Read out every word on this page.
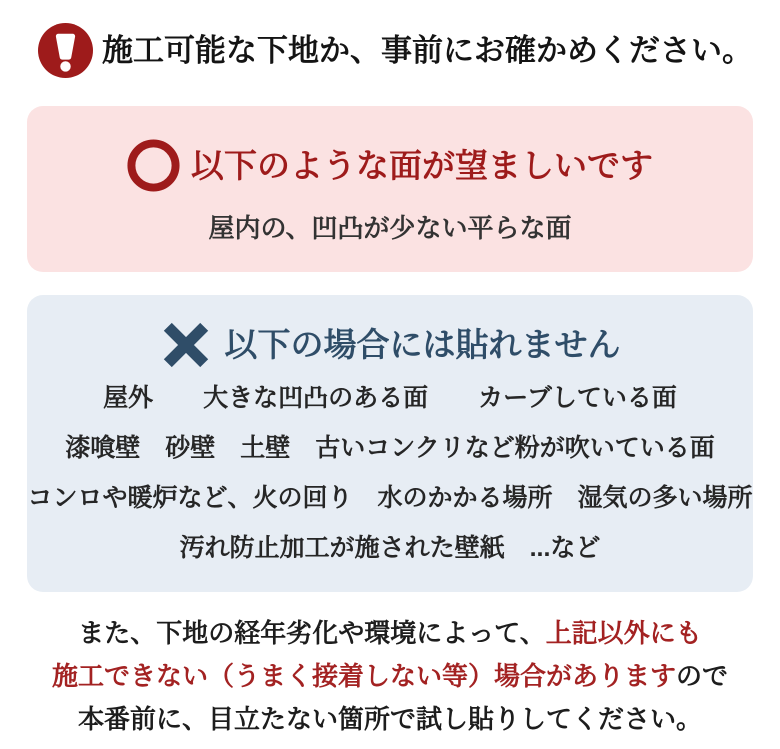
施工可能な下地か、事前にお確かめください。
以下のような面が望ましいです

屋内の、凹凸が少ない平らな面

以下の場合には貼れません
屋外　　大きな凹凸のある面　　カーブしている面
漆喰壁　砂壁　土壁　古いコンクリなど粉が吹いている面
コンロや暖炉など、火の回り　水のかかる場所　湿気の多い場所
汚れ防止加工が施された壁紙　...など
また、下地の経年劣化や環境によって、上記以外にも
施工できない（うまく接着しない等）場合がありますので
本番前に、目立たない箇所で試し貼りしてください。
